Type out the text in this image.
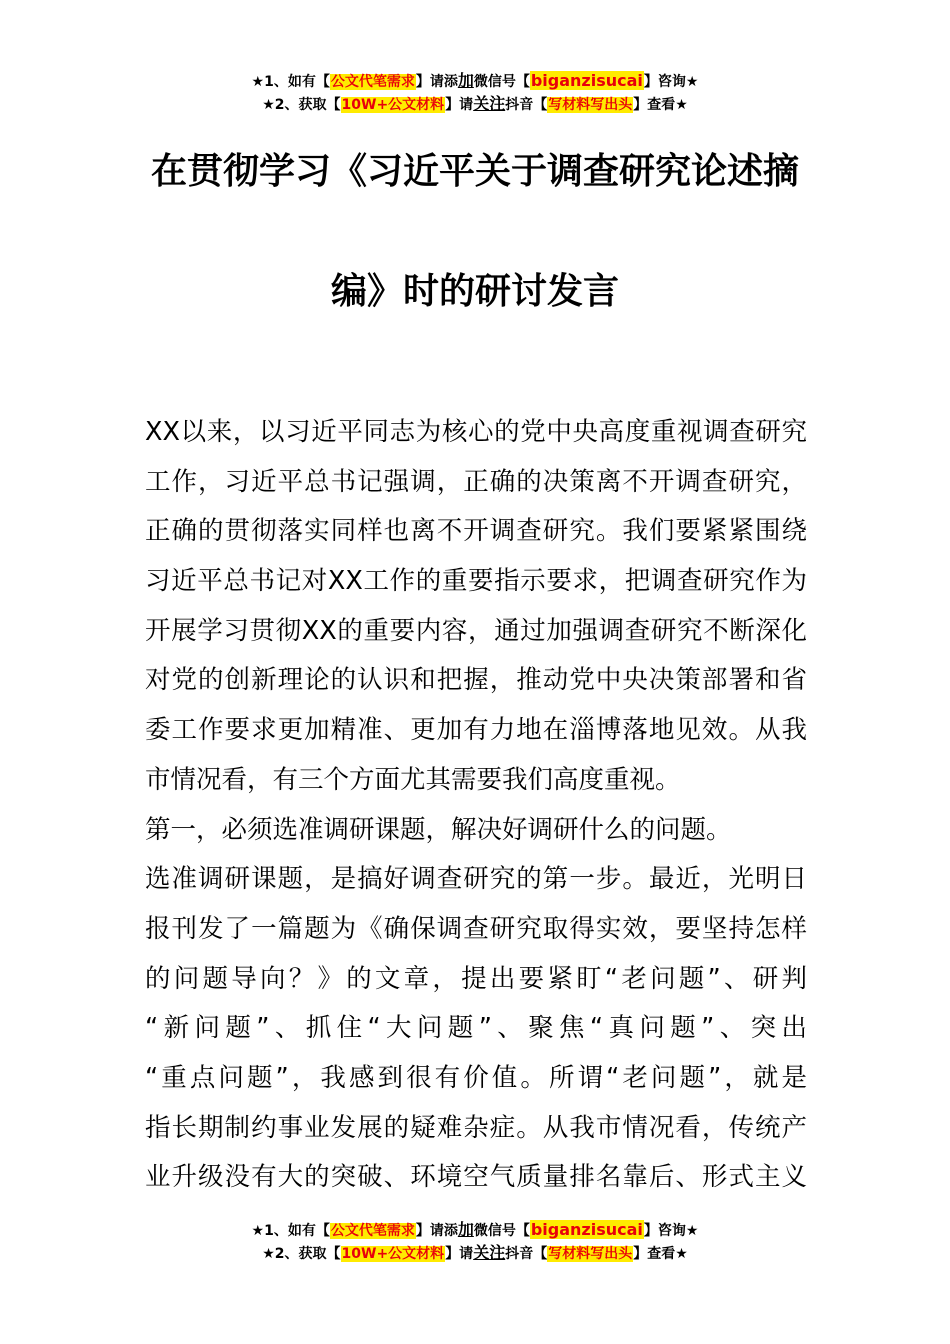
★1、如有【公文代笔需求】请添加微信号【biganzisucai】咨询★
★2、获取【10W+公文材料】请关注抖音【写材料写出头】查看★
在贯彻学习《习近平关于调查研究论述摘
编》时的研讨发言
XX以来，以习近平同志为核心的党中央高度重视调查研究
工作，习近平总书记强调，正确的决策离不开调查研究，
正确的贯彻落实同样也离不开调查研究。我们要紧紧围绕
习近平总书记对XX工作的重要指示要求，把调查研究作为
开展学习贯彻XX的重要内容，通过加强调查研究不断深化
对党的创新理论的认识和把握，推动党中央决策部署和省
委工作要求更加精准、更加有力地在淄博落地见效。从我
市情况看，有三个方面尤其需要我们高度重视。
第一，必须选准调研课题，解决好调研什么的问题。
选准调研课题，是搞好调查研究的第一步。最近，光明日
报刊发了一篇题为《确保调查研究取得实效，要坚持怎样
的问题导向？》的文章，提出要紧盯“老问题”、研判
“新问题”、抓住“大问题”、聚焦“真问题”、突出
“重点问题”，我感到很有价值。所谓“老问题”，就是
指长期制约事业发展的疑难杂症。从我市情况看，传统产
业升级没有大的突破、环境空气质量排名靠后、形式主义
★1、如有【公文代笔需求】请添加微信号【biganzisucai】咨询★
★2、获取【10W+公文材料】请关注抖音【写材料写出头】查看★
